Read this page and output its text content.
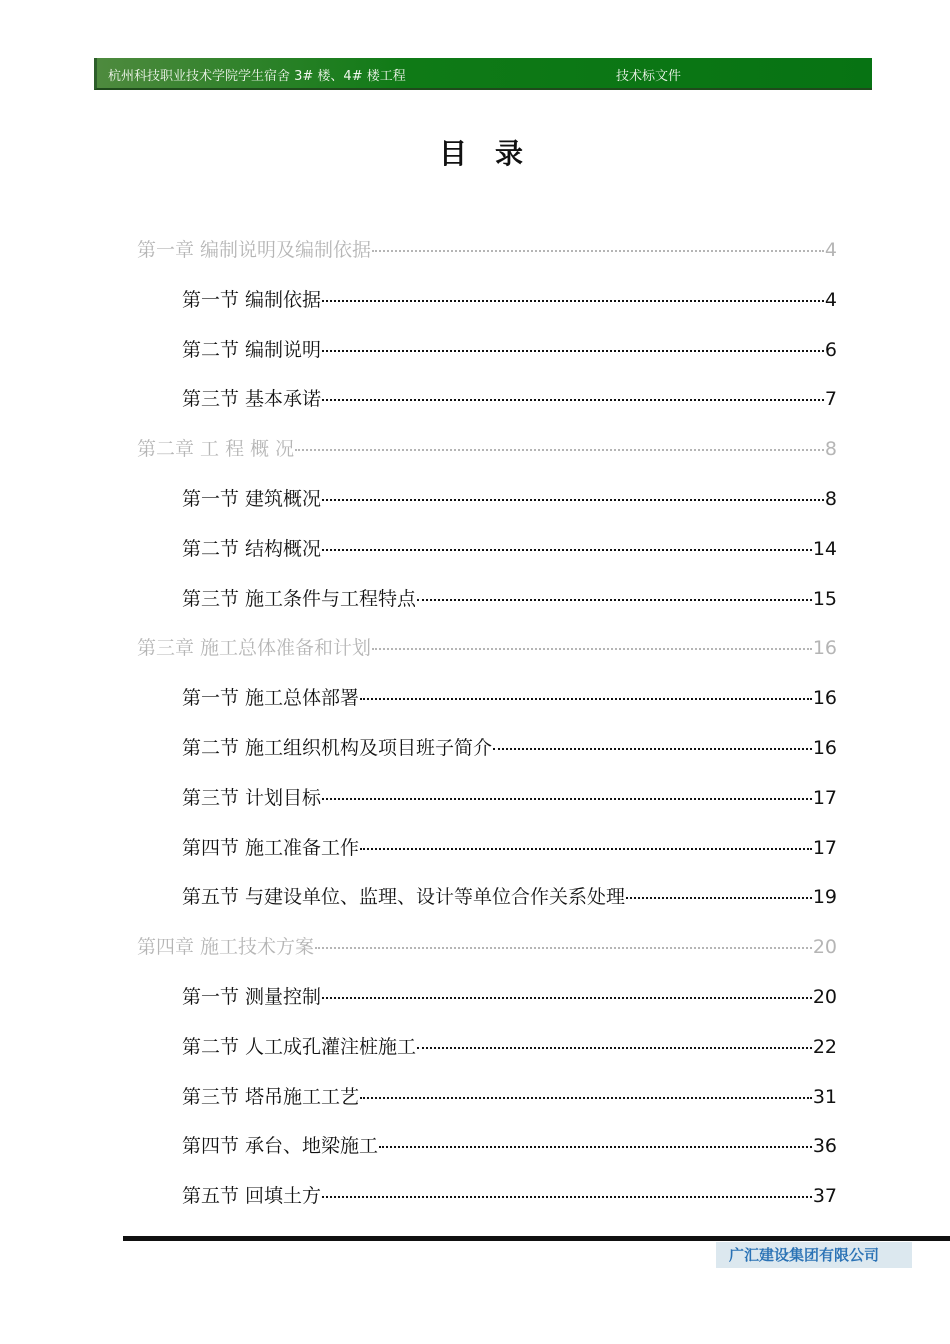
杭州科技职业技术学院学生宿舍 3# 楼、4# 楼工程	技术标文件
目录
第一章 编制说明及编制依据	4
第一节 编制依据	4
第二节 编制说明	6
第三节 基本承诺	7
第二章 工 程 概 况	8
第一节 建筑概况	8
第二节 结构概况	14
第三节 施工条件与工程特点	15
第三章 施工总体准备和计划	16
第一节 施工总体部署	16
第二节 施工组织机构及项目班子简介	16
第三节 计划目标	17
第四节 施工准备工作	17
第五节 与建设单位、监理、设计等单位合作关系处理	19
第四章 施工技术方案	20
第一节 测量控制	20
第二节 人工成孔灌注桩施工	22
第三节 塔吊施工工艺	31
第四节 承台、地梁施工	36
第五节 回填土方	37
广汇建设集团有限公司
